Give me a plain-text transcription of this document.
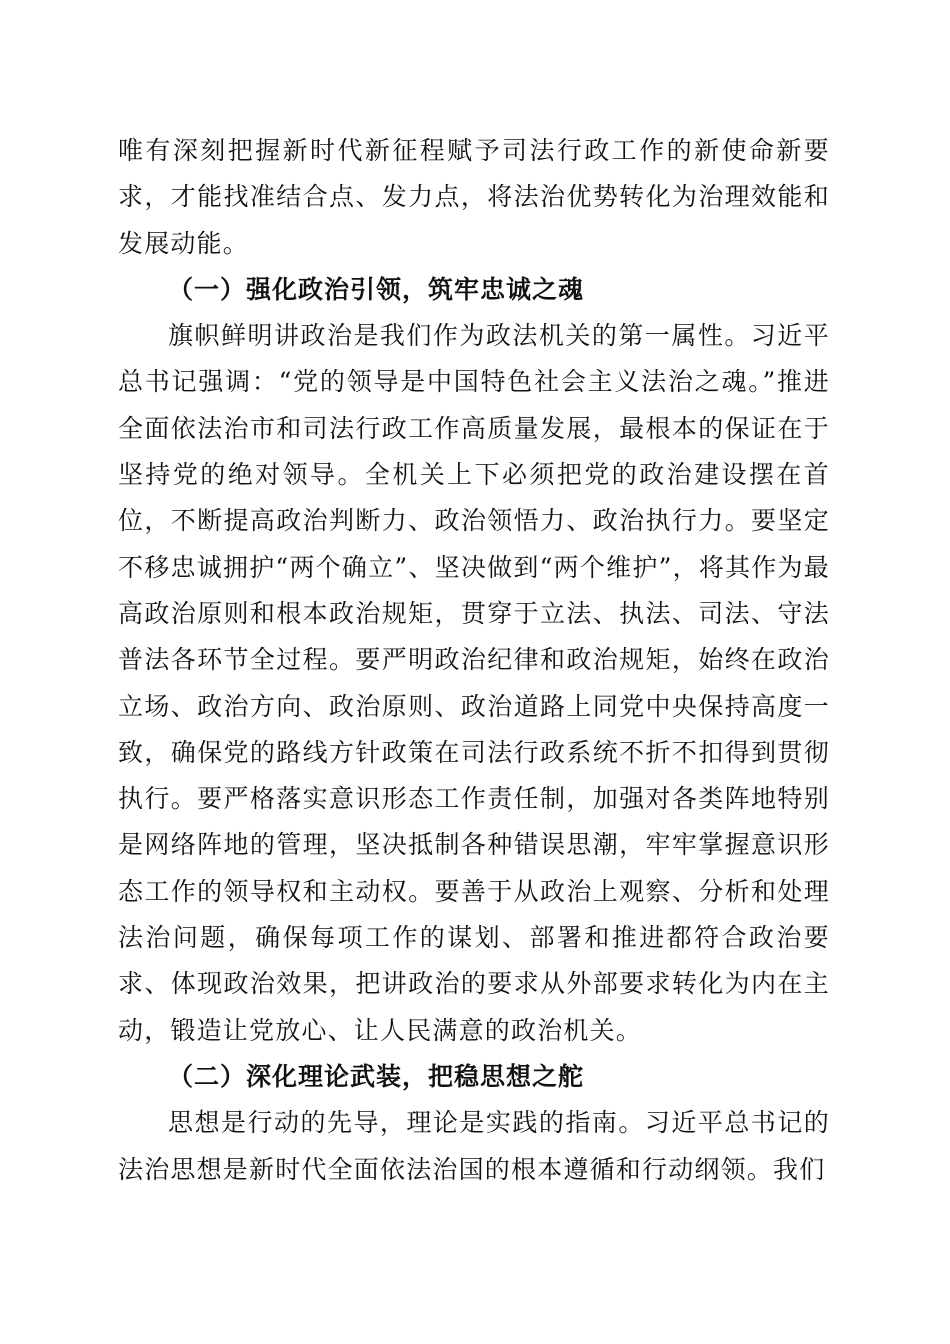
唯有深刻把握新时代新征程赋予司法行政工作的新使命新要求，才能找准结合点、发力点，将法治优势转化为治理效能和发展动能。

（一）强化政治引领，筑牢忠诚之魂

旗帜鲜明讲政治是我们作为政法机关的第一属性。习近平总书记强调：“党的领导是中国特色社会主义法治之魂。”推进全面依法治市和司法行政工作高质量发展，最根本的保证在于坚持党的绝对领导。全机关上下必须把党的政治建设摆在首位，不断提高政治判断力、政治领悟力、政治执行力。要坚定不移忠诚拥护“两个确立”、坚决做到“两个维护”，将其作为最高政治原则和根本政治规矩，贯穿于立法、执法、司法、守法普法各环节全过程。要严明政治纪律和政治规矩，始终在政治立场、政治方向、政治原则、政治道路上同党中央保持高度一致，确保党的路线方针政策在司法行政系统不折不扣得到贯彻执行。要严格落实意识形态工作责任制，加强对各类阵地特别是网络阵地的管理，坚决抵制各种错误思潮，牢牢掌握意识形态工作的领导权和主动权。要善于从政治上观察、分析和处理法治问题，确保每项工作的谋划、部署和推进都符合政治要求、体现政治效果，把讲政治的要求从外部要求转化为内在主动，锻造让党放心、让人民满意的政治机关。

（二）深化理论武装，把稳思想之舵

思想是行动的先导，理论是实践的指南。习近平总书记的法治思想是新时代全面依法治国的根本遵循和行动纲领。我们
